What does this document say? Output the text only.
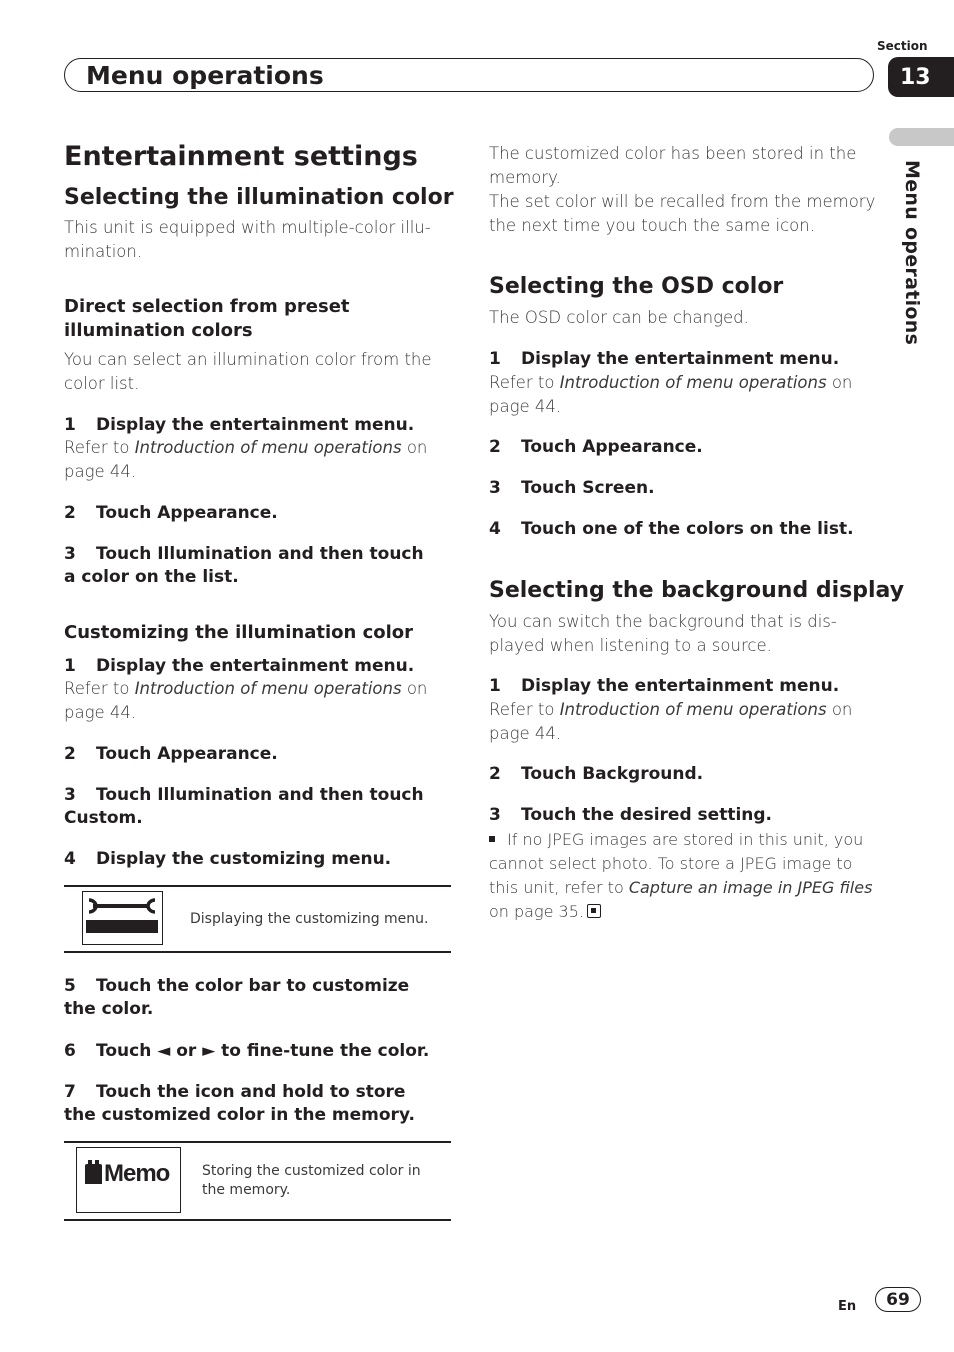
Menu operations
Section
13
Menu operations
Entertainment settings
Selecting the illumination color
This unit is equipped with multiple-color illu-mination.
Direct selection from preset illumination colors
You can select an illumination color from the color list.
1 Display the entertainment menu.
Refer to Introduction of menu operations on page 44.
2 Touch Appearance.
3 Touch Illumination and then touch a color on the list.
Customizing the illumination color
1 Display the entertainment menu.
Refer to Introduction of menu operations on page 44.
2 Touch Appearance.
3 Touch Illumination and then touch Custom.
4 Display the customizing menu.
Displaying the customizing menu.
5 Touch the color bar to customize the color.
6 Touch ◄ or ► to fine-tune the color.
7 Touch the icon and hold to store the customized color in the memory.
Memo Storing the customized color in the memory.
The customized color has been stored in the memory.
The set color will be recalled from the memory the next time you touch the same icon.
Selecting the OSD color
The OSD color can be changed.
1 Display the entertainment menu.
Refer to Introduction of menu operations on page 44.
2 Touch Appearance.
3 Touch Screen.
4 Touch one of the colors on the list.
Selecting the background display
You can switch the background that is dis-played when listening to a source.
1 Display the entertainment menu.
Refer to Introduction of menu operations on page 44.
2 Touch Background.
3 Touch the desired setting.
If no JPEG images are stored in this unit, you cannot select photo. To store a JPEG image to this unit, refer to Capture an image in JPEG files on page 35.
En	69
